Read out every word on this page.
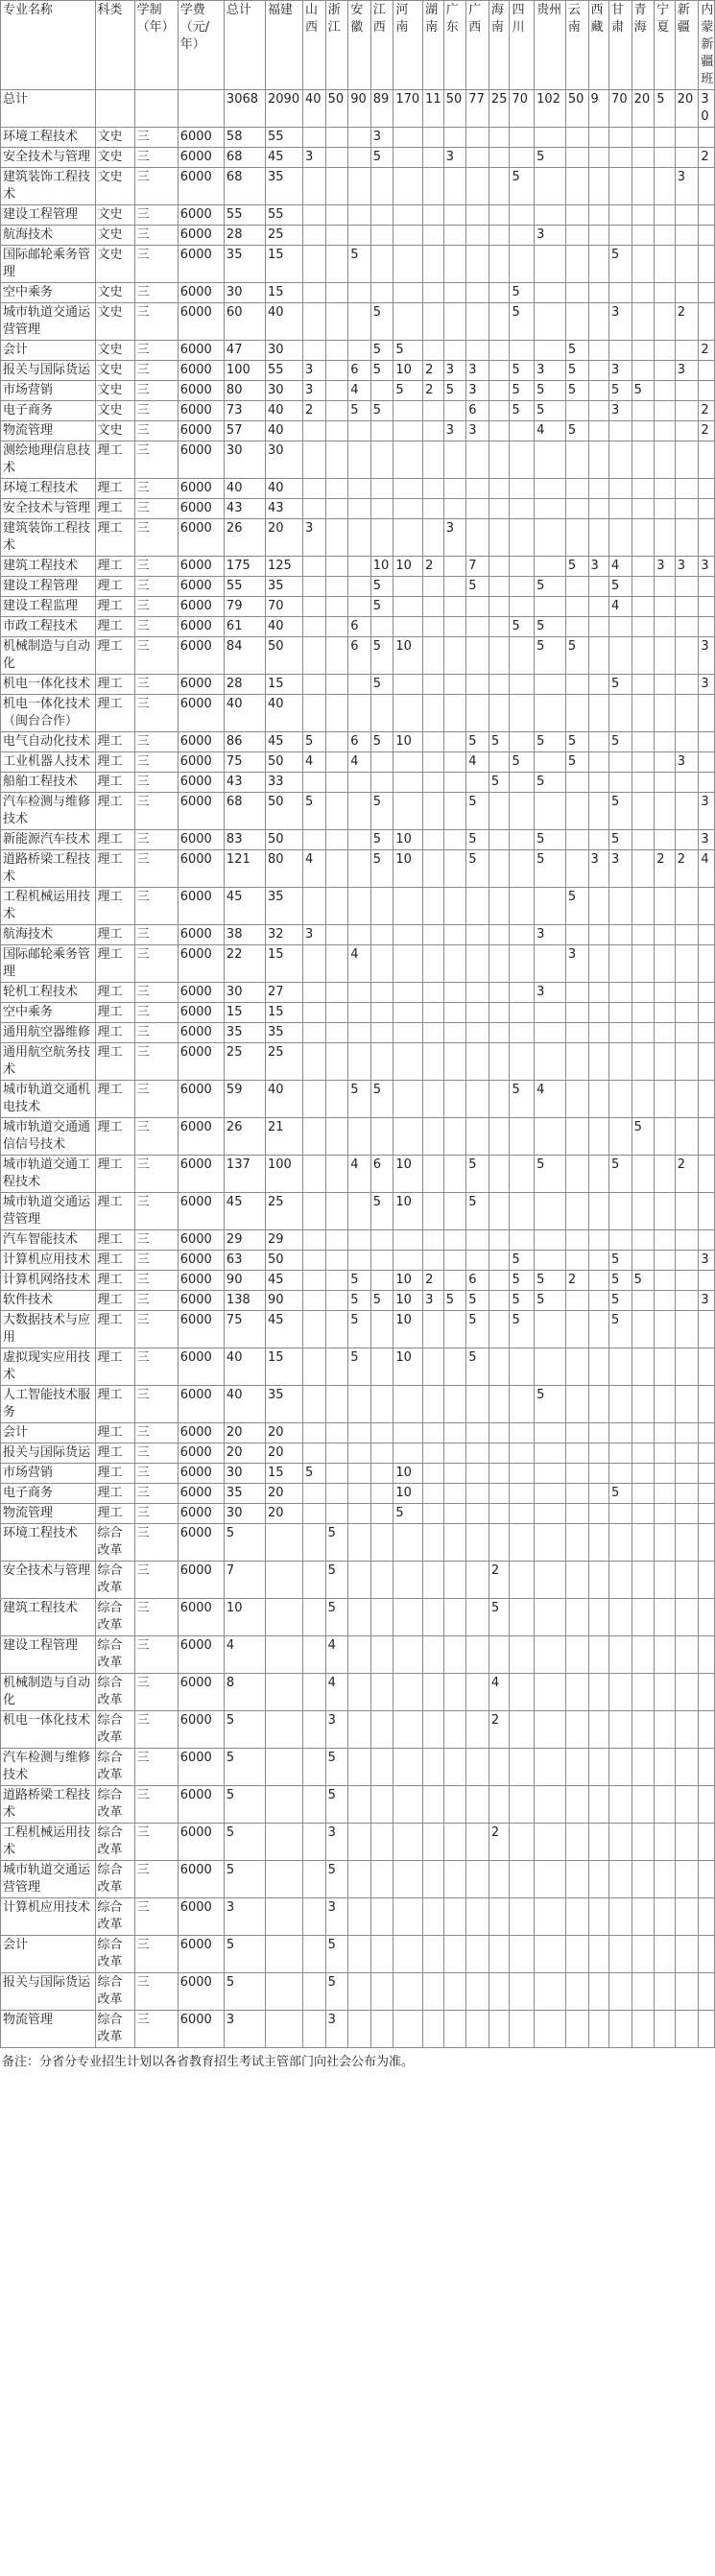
专业名称	科类	学制（年）	学费（元/年）	总计	福建	山西	浙江	安徽	江西	河南	湖南	广东	广西	海南	四川	贵州	云南	西藏	甘肃	青海	宁夏	新疆	内蒙新疆班
总计				3068	2090	40	50	90	89	170	11	50	77	25	70	102	50	9	70	20	5	20	30
环境工程技术	文史	三	6000	58	55				3														
安全技术与管理	文史	三	6000	68	45	3			5			3				5							2
建筑装饰工程技术	文史	三	6000	68	35										5							3	
建设工程管理	文史	三	6000	55	55																		
航海技术	文史	三	6000	28	25											3							
国际邮轮乘务管理	文史	三	6000	35	15			5											5				
空中乘务	文史	三	6000	30	15										5								
城市轨道交通运营管理	文史	三	6000	60	40				5						5				3			2	
会计	文史	三	6000	47	30				5	5							5						2
报关与国际货运	文史	三	6000	100	55	3		6	5	10	2	3	3		5	3	5		3			3	
市场营销	文史	三	6000	80	30	3		4		5	2	5	3		5	5	5		5	5			
电子商务	文史	三	6000	73	40	2		5	5				6		5	5			3				2
物流管理	文史	三	6000	57	40							3	3			4	5						2
测绘地理信息技术	理工	三	6000	30	30																		
环境工程技术	理工	三	6000	40	40																		
安全技术与管理	理工	三	6000	43	43																		
建筑装饰工程技术	理工	三	6000	26	20	3						3											
建筑工程技术	理工	三	6000	175	125				10	10	2		7				5	3	4		3	3	3
建设工程管理	理工	三	6000	55	35				5				5			5			5				
建设工程监理	理工	三	6000	79	70				5										4				
市政工程技术	理工	三	6000	61	40			6							5	5							
机械制造与自动化	理工	三	6000	84	50			6	5	10						5	5						3
机电一体化技术	理工	三	6000	28	15				5										5				3
机电一体化技术（闽台合作）	理工	三	6000	40	40																		
电气自动化技术	理工	三	6000	86	45	5		6	5	10			5	5		5	5		5				
工业机器人技术	理工	三	6000	75	50	4		4					4		5		5					3	
船舶工程技术	理工	三	6000	43	33									5		5							
汽车检测与维修技术	理工	三	6000	68	50	5			5				5						5				3
新能源汽车技术	理工	三	6000	83	50				5	10			5			5			5				3
道路桥梁工程技术	理工	三	6000	121	80	4			5	10			5			5		3	3		2	2	4
工程机械运用技术	理工	三	6000	45	35												5						
航海技术	理工	三	6000	38	32	3										3							
国际邮轮乘务管理	理工	三	6000	22	15			4									3						
轮机工程技术	理工	三	6000	30	27											3							
空中乘务	理工	三	6000	15	15																		
通用航空器维修	理工	三	6000	35	35																		
通用航空航务技术	理工	三	6000	25	25																		
城市轨道交通机电技术	理工	三	6000	59	40			5	5						5	4							
城市轨道交通通信信号技术	理工	三	6000	26	21															5			
城市轨道交通工程技术	理工	三	6000	137	100			4	6	10			5			5			5			2	
城市轨道交通运营管理	理工	三	6000	45	25				5	10			5										
汽车智能技术	理工	三	6000	29	29																		
计算机应用技术	理工	三	6000	63	50										5				5				3
计算机网络技术	理工	三	6000	90	45			5		10	2		6		5	5	2		5	5			
软件技术	理工	三	6000	138	90			5	5	10	3	5	5		5	5			5				3
大数据技术与应用	理工	三	6000	75	45			5		10			5		5				5				
虚拟现实应用技术	理工	三	6000	40	15			5		10			5										
人工智能技术服务	理工	三	6000	40	35											5							
会计	理工	三	6000	20	20																		
报关与国际货运	理工	三	6000	20	20																		
市场营销	理工	三	6000	30	15	5				10													
电子商务	理工	三	6000	35	20					10									5				
物流管理	理工	三	6000	30	20					5													
环境工程技术	综合改革	三	6000	5			5																
安全技术与管理	综合改革	三	6000	7			5							2									
建筑工程技术	综合改革	三	6000	10			5							5									
建设工程管理	综合改革	三	6000	4			4																
机械制造与自动化	综合改革	三	6000	8			4							4									
机电一体化技术	综合改革	三	6000	5			3							2									
汽车检测与维修技术	综合改革	三	6000	5			5																
道路桥梁工程技术	综合改革	三	6000	5			5																
工程机械运用技术	综合改革	三	6000	5			3							2									
城市轨道交通运营管理	综合改革	三	6000	5			5																
计算机应用技术	综合改革	三	6000	3			3																
会计	综合改革	三	6000	5			5																
报关与国际货运	综合改革	三	6000	5			5																
物流管理	综合改革	三	6000	3			3																
备注：分省分专业招生计划以各省教育招生考试主管部门向社会公布为准。
